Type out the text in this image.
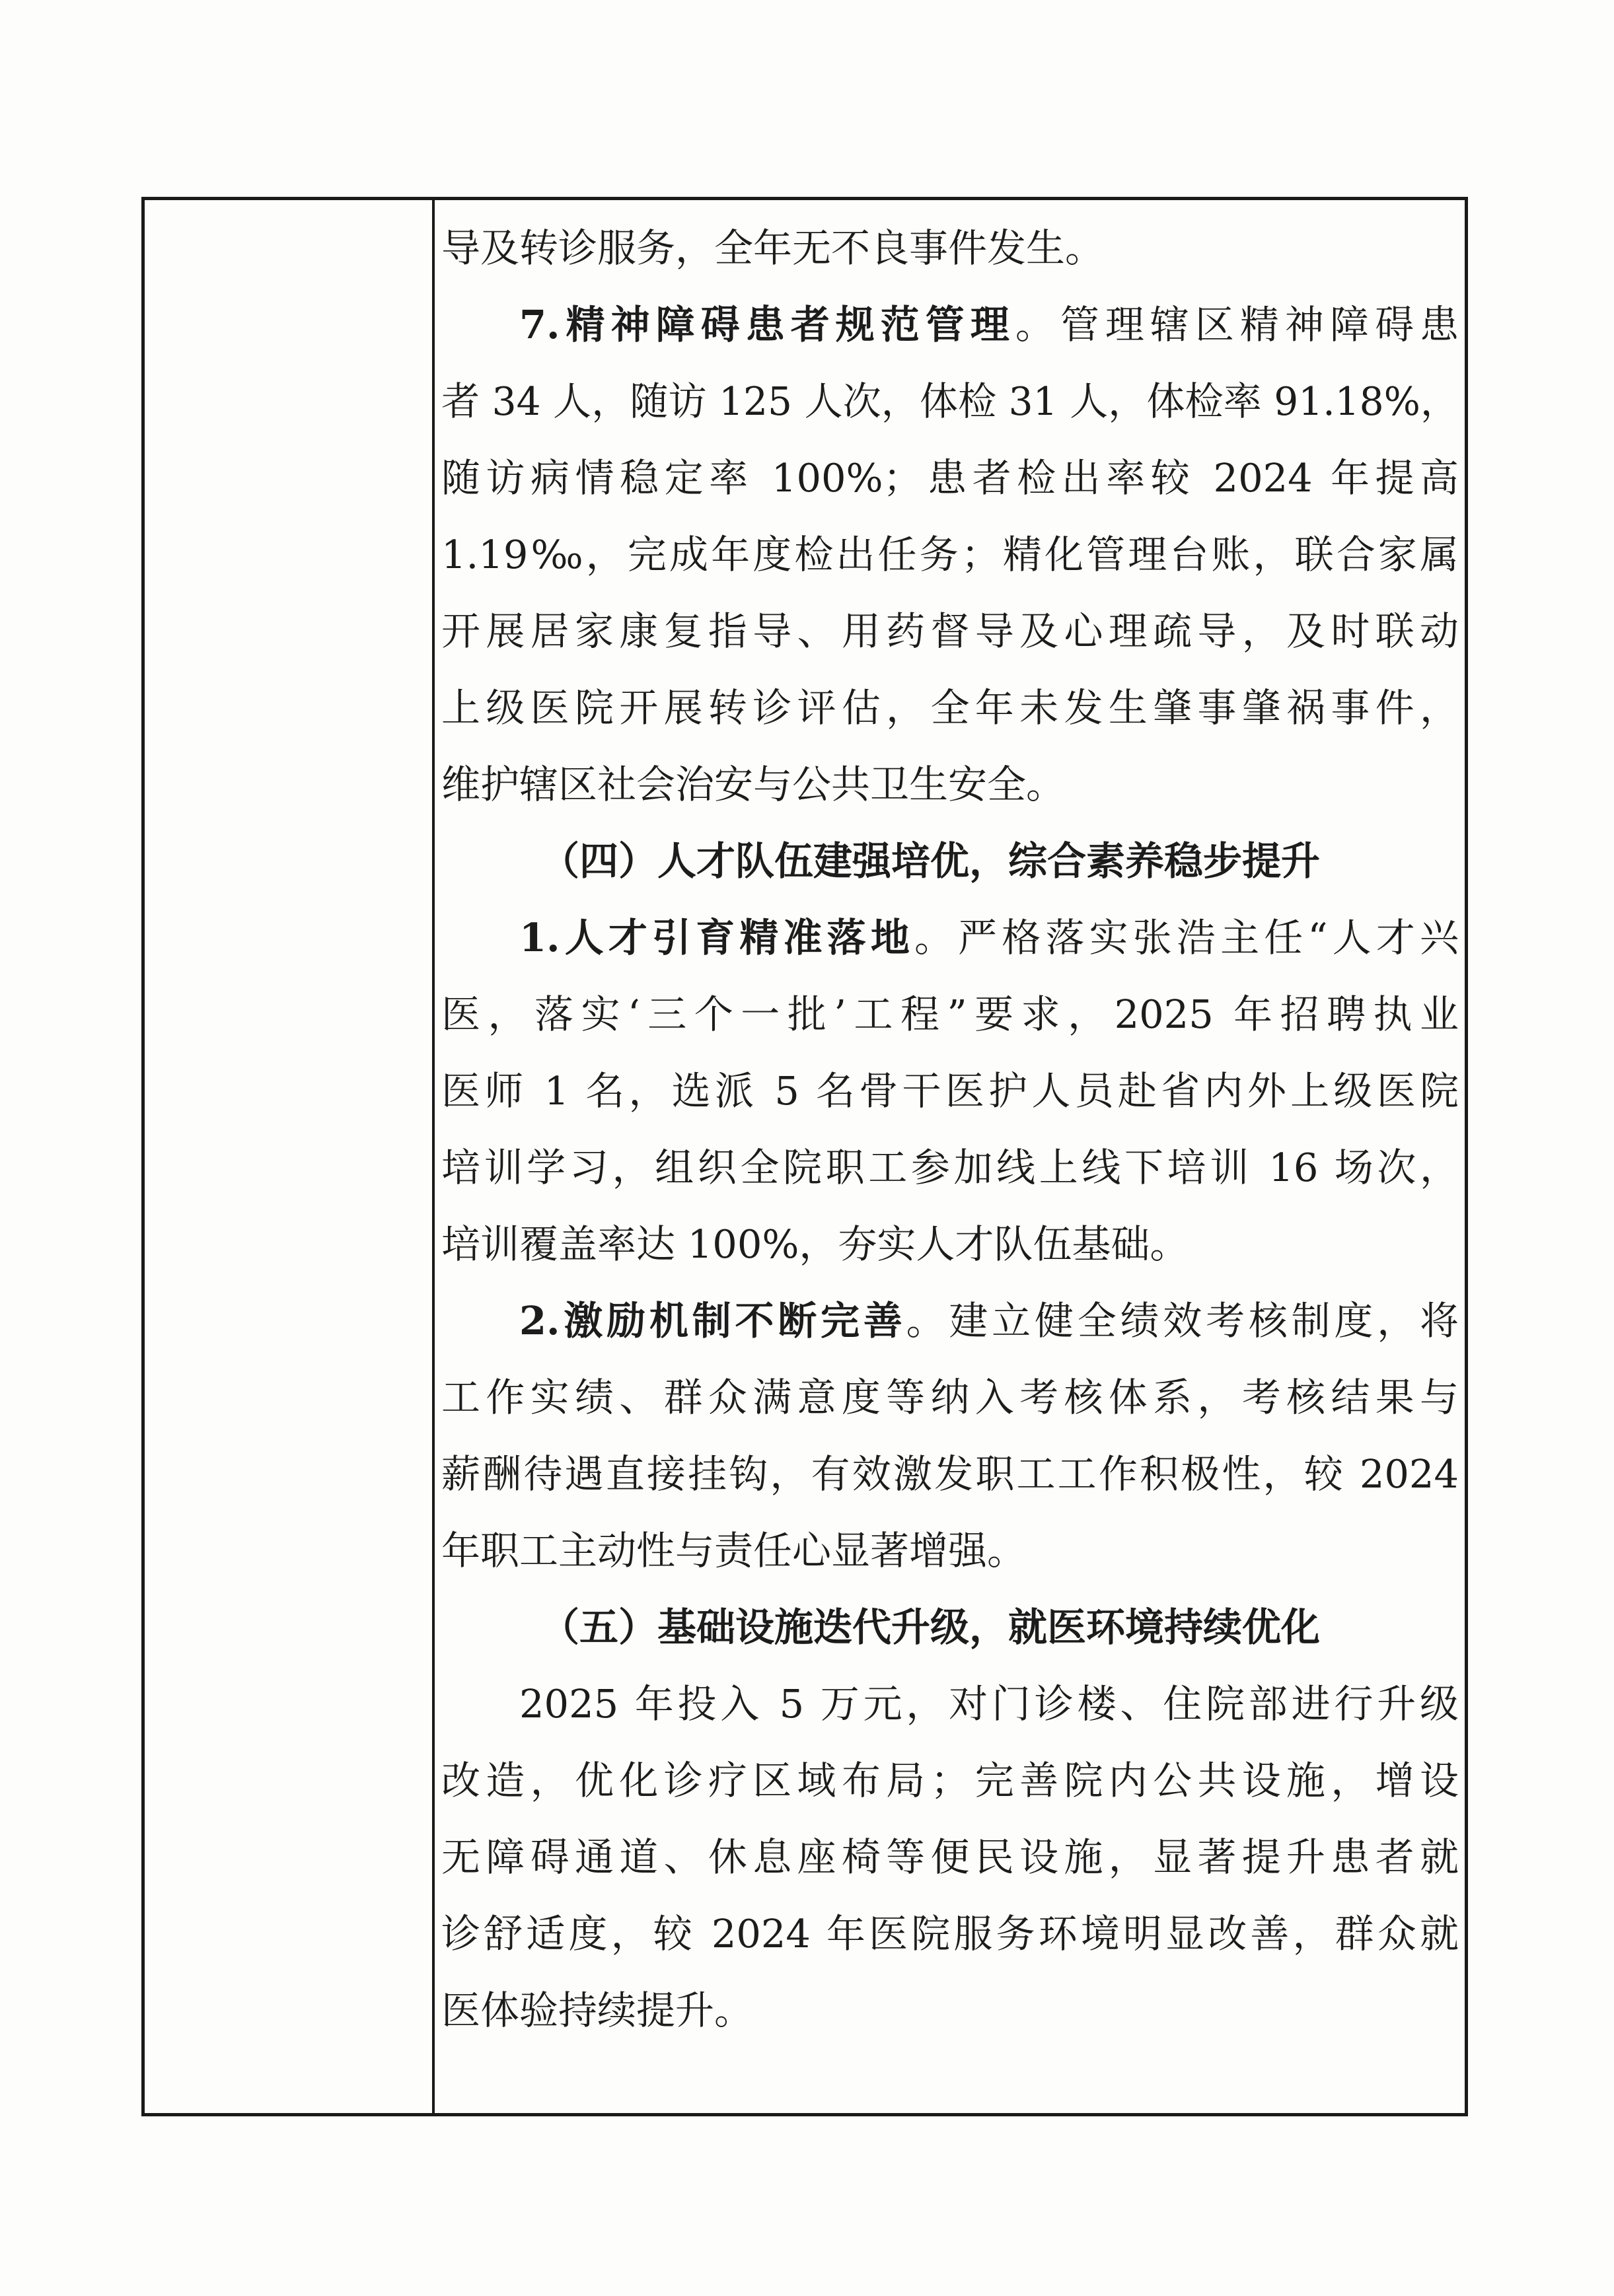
导及转诊服务，全年无不良事件发生。
7.精神障碍患者规范管理。管理辖区精神障碍患
者 34 人，随访 125 人次，体检 31 人，体检率 91.18%，
随访病情稳定率 100%；患者检出率较 2024 年提高
1.19‰，完成年度检出任务；精化管理台账，联合家属
开展居家康复指导、用药督导及心理疏导，及时联动
上级医院开展转诊评估，全年未发生肇事肇祸事件，
维护辖区社会治安与公共卫生安全。
（四）人才队伍建强培优，综合素养稳步提升
1.人才引育精准落地。严格落实张浩主任“人才兴
医，落实‘三个一批’工程”要求，2025 年招聘执业
医师 1 名，选派 5 名骨干医护人员赴省内外上级医院
培训学习，组织全院职工参加线上线下培训 16 场次，
培训覆盖率达 100%，夯实人才队伍基础。
2.激励机制不断完善。建立健全绩效考核制度，将
工作实绩、群众满意度等纳入考核体系，考核结果与
薪酬待遇直接挂钩，有效激发职工工作积极性，较 2024
年职工主动性与责任心显著增强。
（五）基础设施迭代升级，就医环境持续优化
2025 年投入 5 万元，对门诊楼、住院部进行升级
改造，优化诊疗区域布局；完善院内公共设施，增设
无障碍通道、休息座椅等便民设施，显著提升患者就
诊舒适度，较 2024 年医院服务环境明显改善，群众就
医体验持续提升。
